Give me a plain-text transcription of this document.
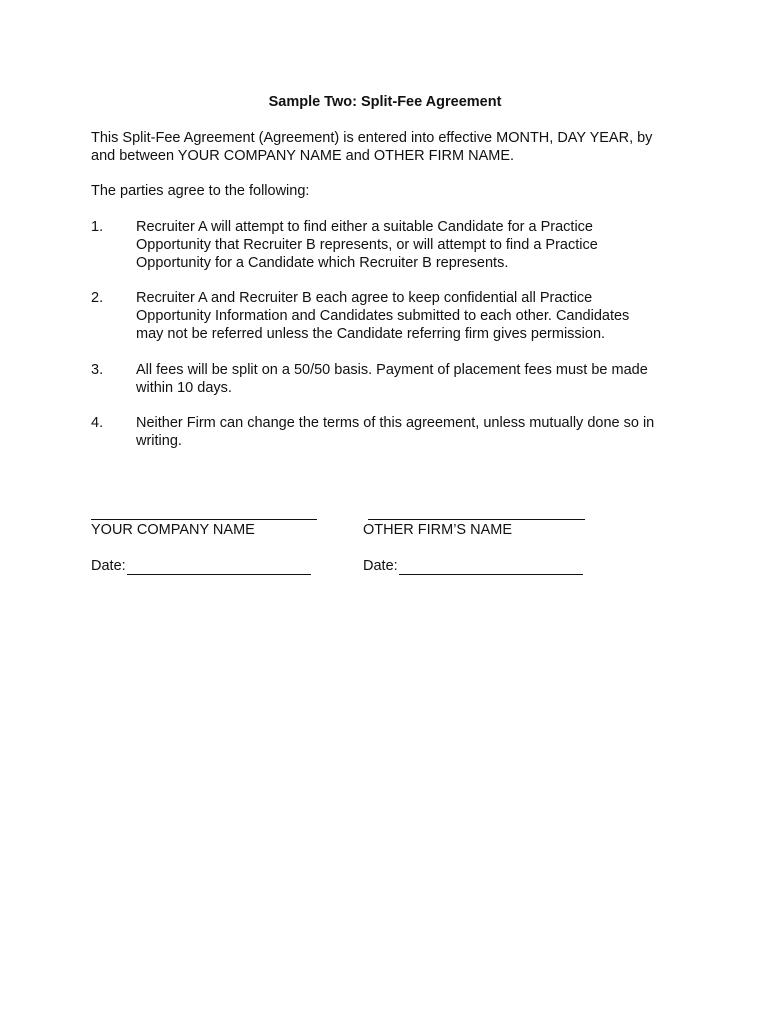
Sample Two: Split-Fee Agreement

This Split-Fee Agreement (Agreement) is entered into effective MONTH, DAY YEAR, by

and between YOUR COMPANY NAME and OTHER FIRM NAME.

The parties agree to the following:

1. Recruiter A will attempt to find either a suitable Candidate for a Practice
Opportunity that Recruiter B represents, or will attempt to find a Practice
Opportunity for a Candidate which Recruiter B represents.
2. Recruiter A and Recruiter B each agree to keep confidential all Practice
Opportunity Information and Candidates submitted to each other. Candidates
may not be referred unless the Candidate referring firm gives permission.
3. All fees will be split on a 50/50 basis. Payment of placement fees must be made
within 10 days.
4. Neither Firm can change the terms of this agreement, unless mutually done so in
writing.
YOUR COMPANY NAME	OTHER FIRM’S NAME
Date:	Date:
